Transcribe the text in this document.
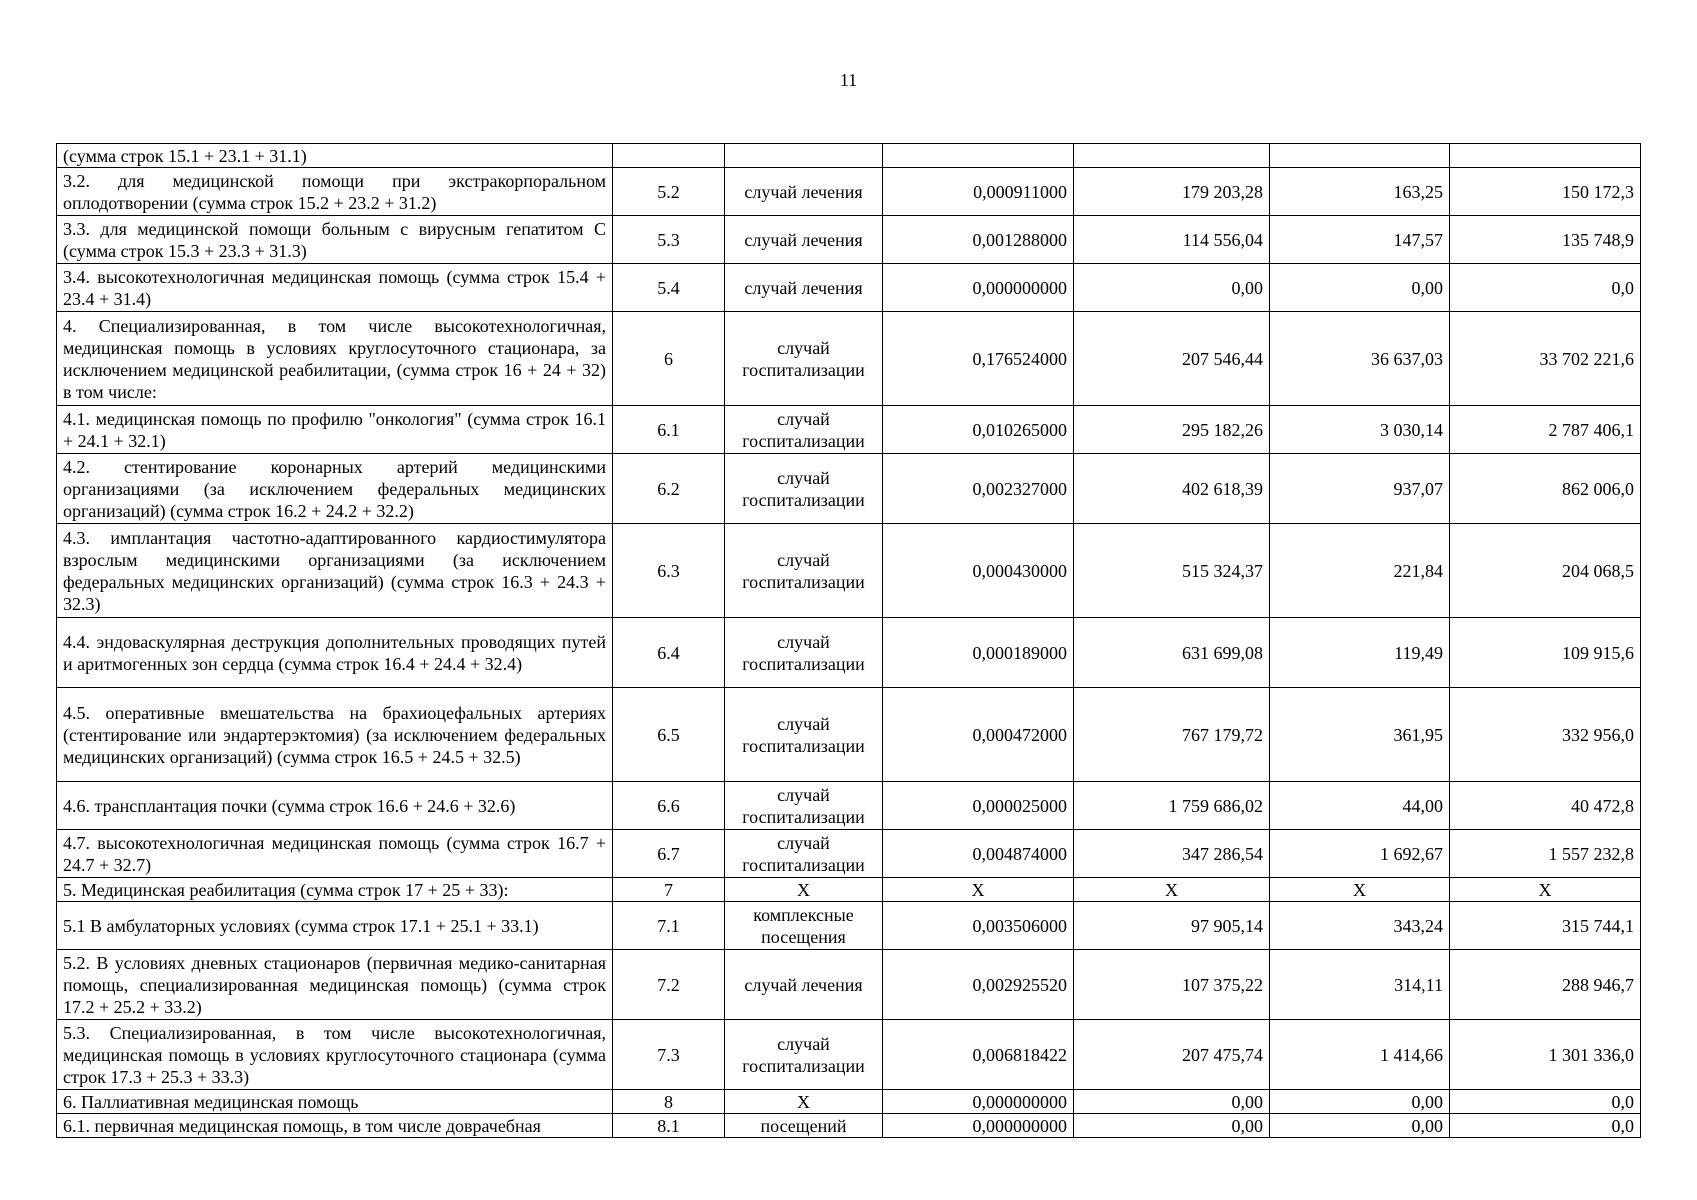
11
(сумма строк 15.1 + 23.1 + 31.1)						
3.2. для медицинской помощи при экстракорпоральном оплодотворении (сумма строк 15.2 + 23.2 + 31.2)	5.2	случай лечения	0,000911000	179 203,28	163,25	150 172,3
3.3. для медицинской помощи больным с вирусным гепатитом С (сумма строк 15.3 + 23.3 + 31.3)	5.3	случай лечения	0,001288000	114 556,04	147,57	135 748,9
3.4. высокотехнологичная медицинская помощь (сумма строк 15.4 + 23.4 + 31.4)	5.4	случай лечения	0,000000000	0,00	0,00	0,0
4. Специализированная, в том числе высокотехнологичная, медицинская помощь в условиях круглосуточного стационара, за исключением медицинской реабилитации, (сумма строк 16 + 24 + 32) в том числе:	6	случай госпитализации	0,176524000	207 546,44	36 637,03	33 702 221,6
4.1. медицинская помощь по профилю "онкология" (сумма строк 16.1 + 24.1 + 32.1)	6.1	случай госпитализации	0,010265000	295 182,26	3 030,14	2 787 406,1
4.2. стентирование коронарных артерий медицинскими организациями (за исключением федеральных медицинских организаций) (сумма строк 16.2 + 24.2 + 32.2)	6.2	случай госпитализации	0,002327000	402 618,39	937,07	862 006,0
4.3. имплантация частотно-адаптированного кардиостимулятора взрослым медицинскими организациями (за исключением федеральных медицинских организаций) (сумма строк 16.3 + 24.3 + 32.3)	6.3	случай госпитализации	0,000430000	515 324,37	221,84	204 068,5
4.4. эндоваскулярная деструкция дополнительных проводящих путей и аритмогенных зон сердца (сумма строк 16.4 + 24.4 + 32.4)	6.4	случай госпитализации	0,000189000	631 699,08	119,49	109 915,6
4.5. оперативные вмешательства на брахиоцефальных артериях (стентирование или эндартерэктомия) (за исключением федеральных медицинских организаций) (сумма строк 16.5 + 24.5 + 32.5)	6.5	случай госпитализации	0,000472000	767 179,72	361,95	332 956,0
4.6. трансплантация почки (сумма строк 16.6 + 24.6 + 32.6)	6.6	случай госпитализации	0,000025000	1 759 686,02	44,00	40 472,8
4.7. высокотехнологичная медицинская помощь (сумма строк 16.7 + 24.7 + 32.7)	6.7	случай госпитализации	0,004874000	347 286,54	1 692,67	1 557 232,8
5. Медицинская реабилитация (сумма строк 17 + 25 + 33):	7	Х	Х	Х	Х	Х
5.1 В амбулаторных условиях (сумма строк 17.1 + 25.1 + 33.1)	7.1	комплексные посещения	0,003506000	97 905,14	343,24	315 744,1
5.2. В условиях дневных стационаров (первичная медико-санитарная помощь, специализированная медицинская помощь) (сумма строк 17.2 + 25.2 + 33.2)	7.2	случай лечения	0,002925520	107 375,22	314,11	288 946,7
5.3. Специализированная, в том числе высокотехнологичная, медицинская помощь в условиях круглосуточного стационара (сумма строк 17.3 + 25.3 + 33.3)	7.3	случай госпитализации	0,006818422	207 475,74	1 414,66	1 301 336,0
6. Паллиативная медицинская помощь	8	Х	0,000000000	0,00	0,00	0,0
6.1. первичная медицинская помощь, в том числе доврачебная	8.1	посещений	0,000000000	0,00	0,00	0,0
